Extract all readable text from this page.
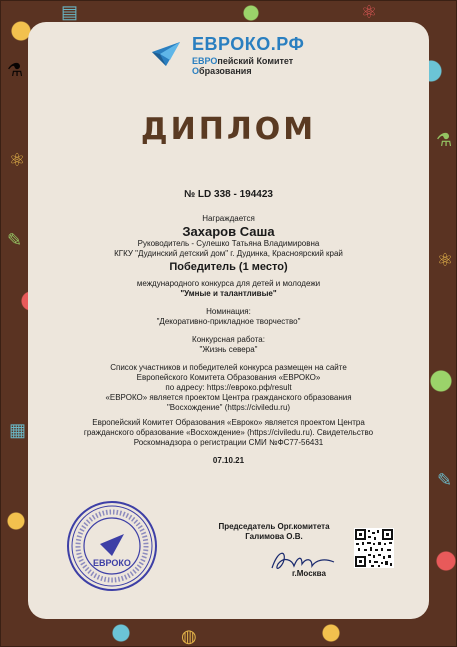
⚗
⚛
✎
▦
⚗
⚛
✎
◍
▤	⚛
ЕВРОКО.РФ
ЕВРОпейский Комитет
Образования
ДИПЛОМ
№ LD 338 - 194423
Награждается
Захаров Саша
Руководитель - Сулешко Татьяна Владимировна
КГКУ "Дудинский детский дом" г. Дудинка, Красноярский край
Победитель (1 место)
международного конкурса для детей и молодежи
"Умные и талантливые"
Номинация:
"Декоративно-прикладное творчество"
Конкурсная работа:
"Жизнь севера"
Список участников и победителей конкурса размещен на сайте
Европейского Комитета Образования «ЕВРОКО»
по адресу: https://евроко.рф/result
«ЕВРОКО» является проектом Центра гражданского образования
"Восхождение" (https://civiledu.ru)
Европейский Комитет Образования «Евроко» является проектом Центра
гражданского образование «Восхождение» (https://civiledu.ru). Свидетельство
Роскомнадзора о регистрации СМИ №ФС77-56431
07.10.21
ЕВРОКО
Председатель Орг.комитета
Галимова О.В.
г.Москва
